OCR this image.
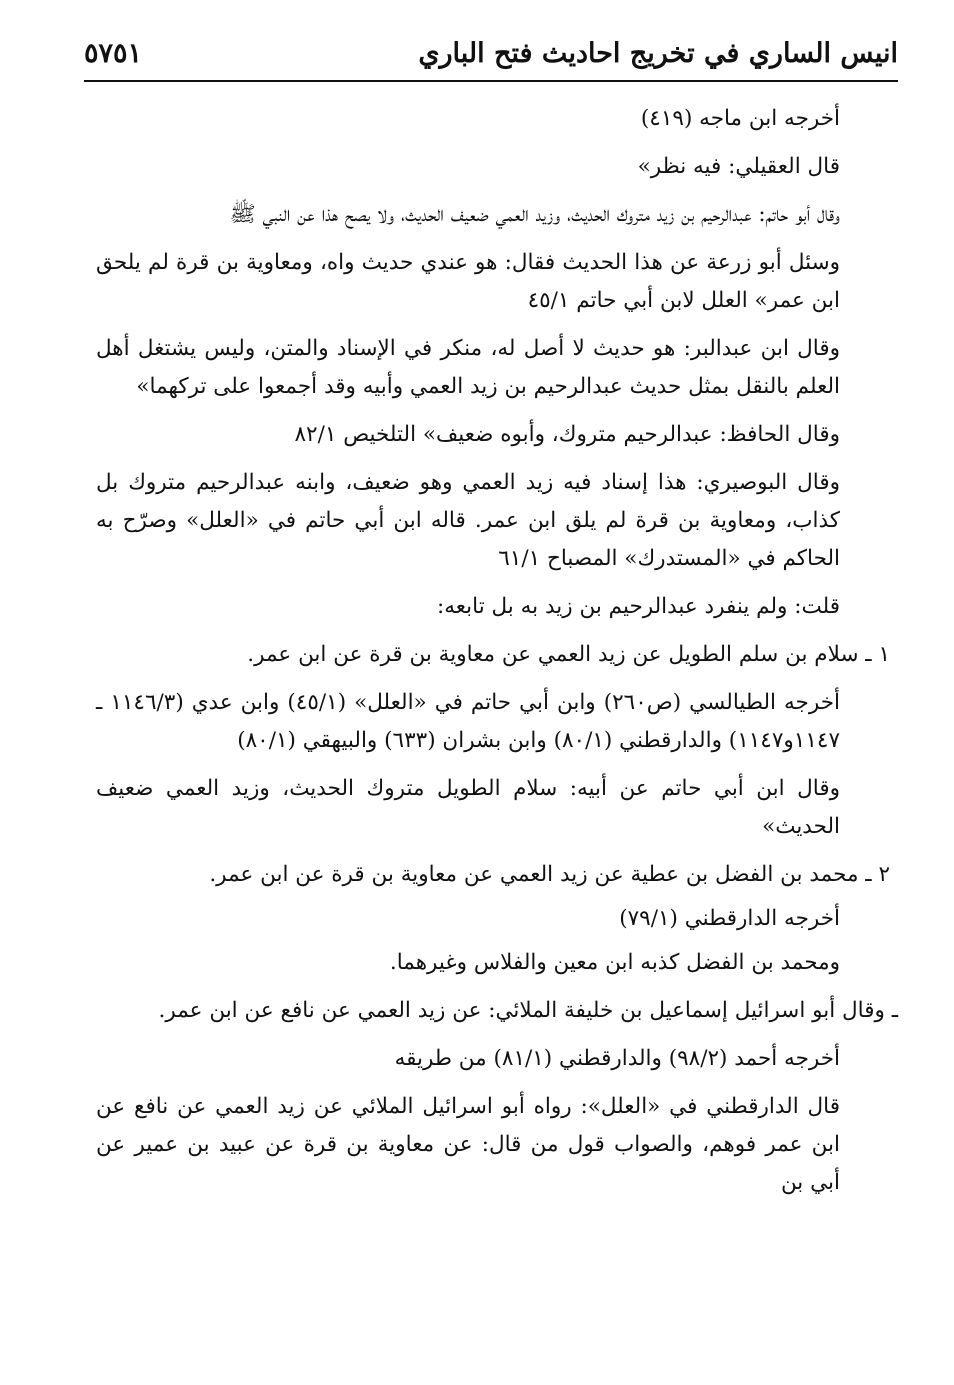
انيس الساري في تخريج احاديث فتح الباري
٥٧٥١

أخرجه ابن ماجه (٤١٩)

قال العقيلي: فيه نظر»

وقال أبو حاتم: عبدالرحيم بن زيد متروك الحديث، وزيد العمي ضعيف الحديث، ولا يصح هذا عن النبي ﷺ

وسئل أبو زرعة عن هذا الحديث فقال: هو عندي حديث واه، ومعاوية بن قرة لم يلحق ابن عمر» العلل لابن أبي حاتم ٤٥/١

وقال ابن عبدالبر: هو حديث لا أصل له، منكر في الإسناد والمتن، وليس يشتغل أهل العلم بالنقل بمثل حديث عبدالرحيم بن زيد العمي وأبيه وقد أجمعوا على تركهما»

وقال الحافظ: عبدالرحيم متروك، وأبوه ضعيف» التلخيص ٨٢/١

وقال البوصيري: هذا إسناد فيه زيد العمي وهو ضعيف، وابنه عبدالرحيم متروك بل كذاب، ومعاوية بن قرة لم يلق ابن عمر. قاله ابن أبي حاتم في «العلل» وصرّح به الحاكم في «المستدرك» المصباح ٦١/١

قلت: ولم ينفرد عبدالرحيم بن زيد به بل تابعه:

١ ـ سلام بن سلم الطويل عن زيد العمي عن معاوية بن قرة عن ابن عمر.

أخرجه الطيالسي (ص٢٦٠) وابن أبي حاتم في «العلل» (٤٥/١) وابن عدي (١١٤٦/٣ ـ ١١٤٧و١١٤٧) والدارقطني (٨٠/١) وابن بشران (٦٣٣) والبيهقي (٨٠/١)

وقال ابن أبي حاتم عن أبيه: سلام الطويل متروك الحديث، وزيد العمي ضعيف الحديث»

٢ ـ محمد بن الفضل بن عطية عن زيد العمي عن معاوية بن قرة عن ابن عمر.

أخرجه الدارقطني (٧٩/١)

ومحمد بن الفضل كذبه ابن معين والفلاس وغيرهما.

ـ وقال أبو اسرائيل إسماعيل بن خليفة الملائي: عن زيد العمي عن نافع عن ابن عمر.

أخرجه أحمد (٩٨/٢) والدارقطني (٨١/١) من طريقه

قال الدارقطني في «العلل»: رواه أبو اسرائيل الملائي عن زيد العمي عن نافع عن ابن عمر فوهم، والصواب قول من قال: عن معاوية بن قرة عن عبيد بن عمير عن أبي بن
